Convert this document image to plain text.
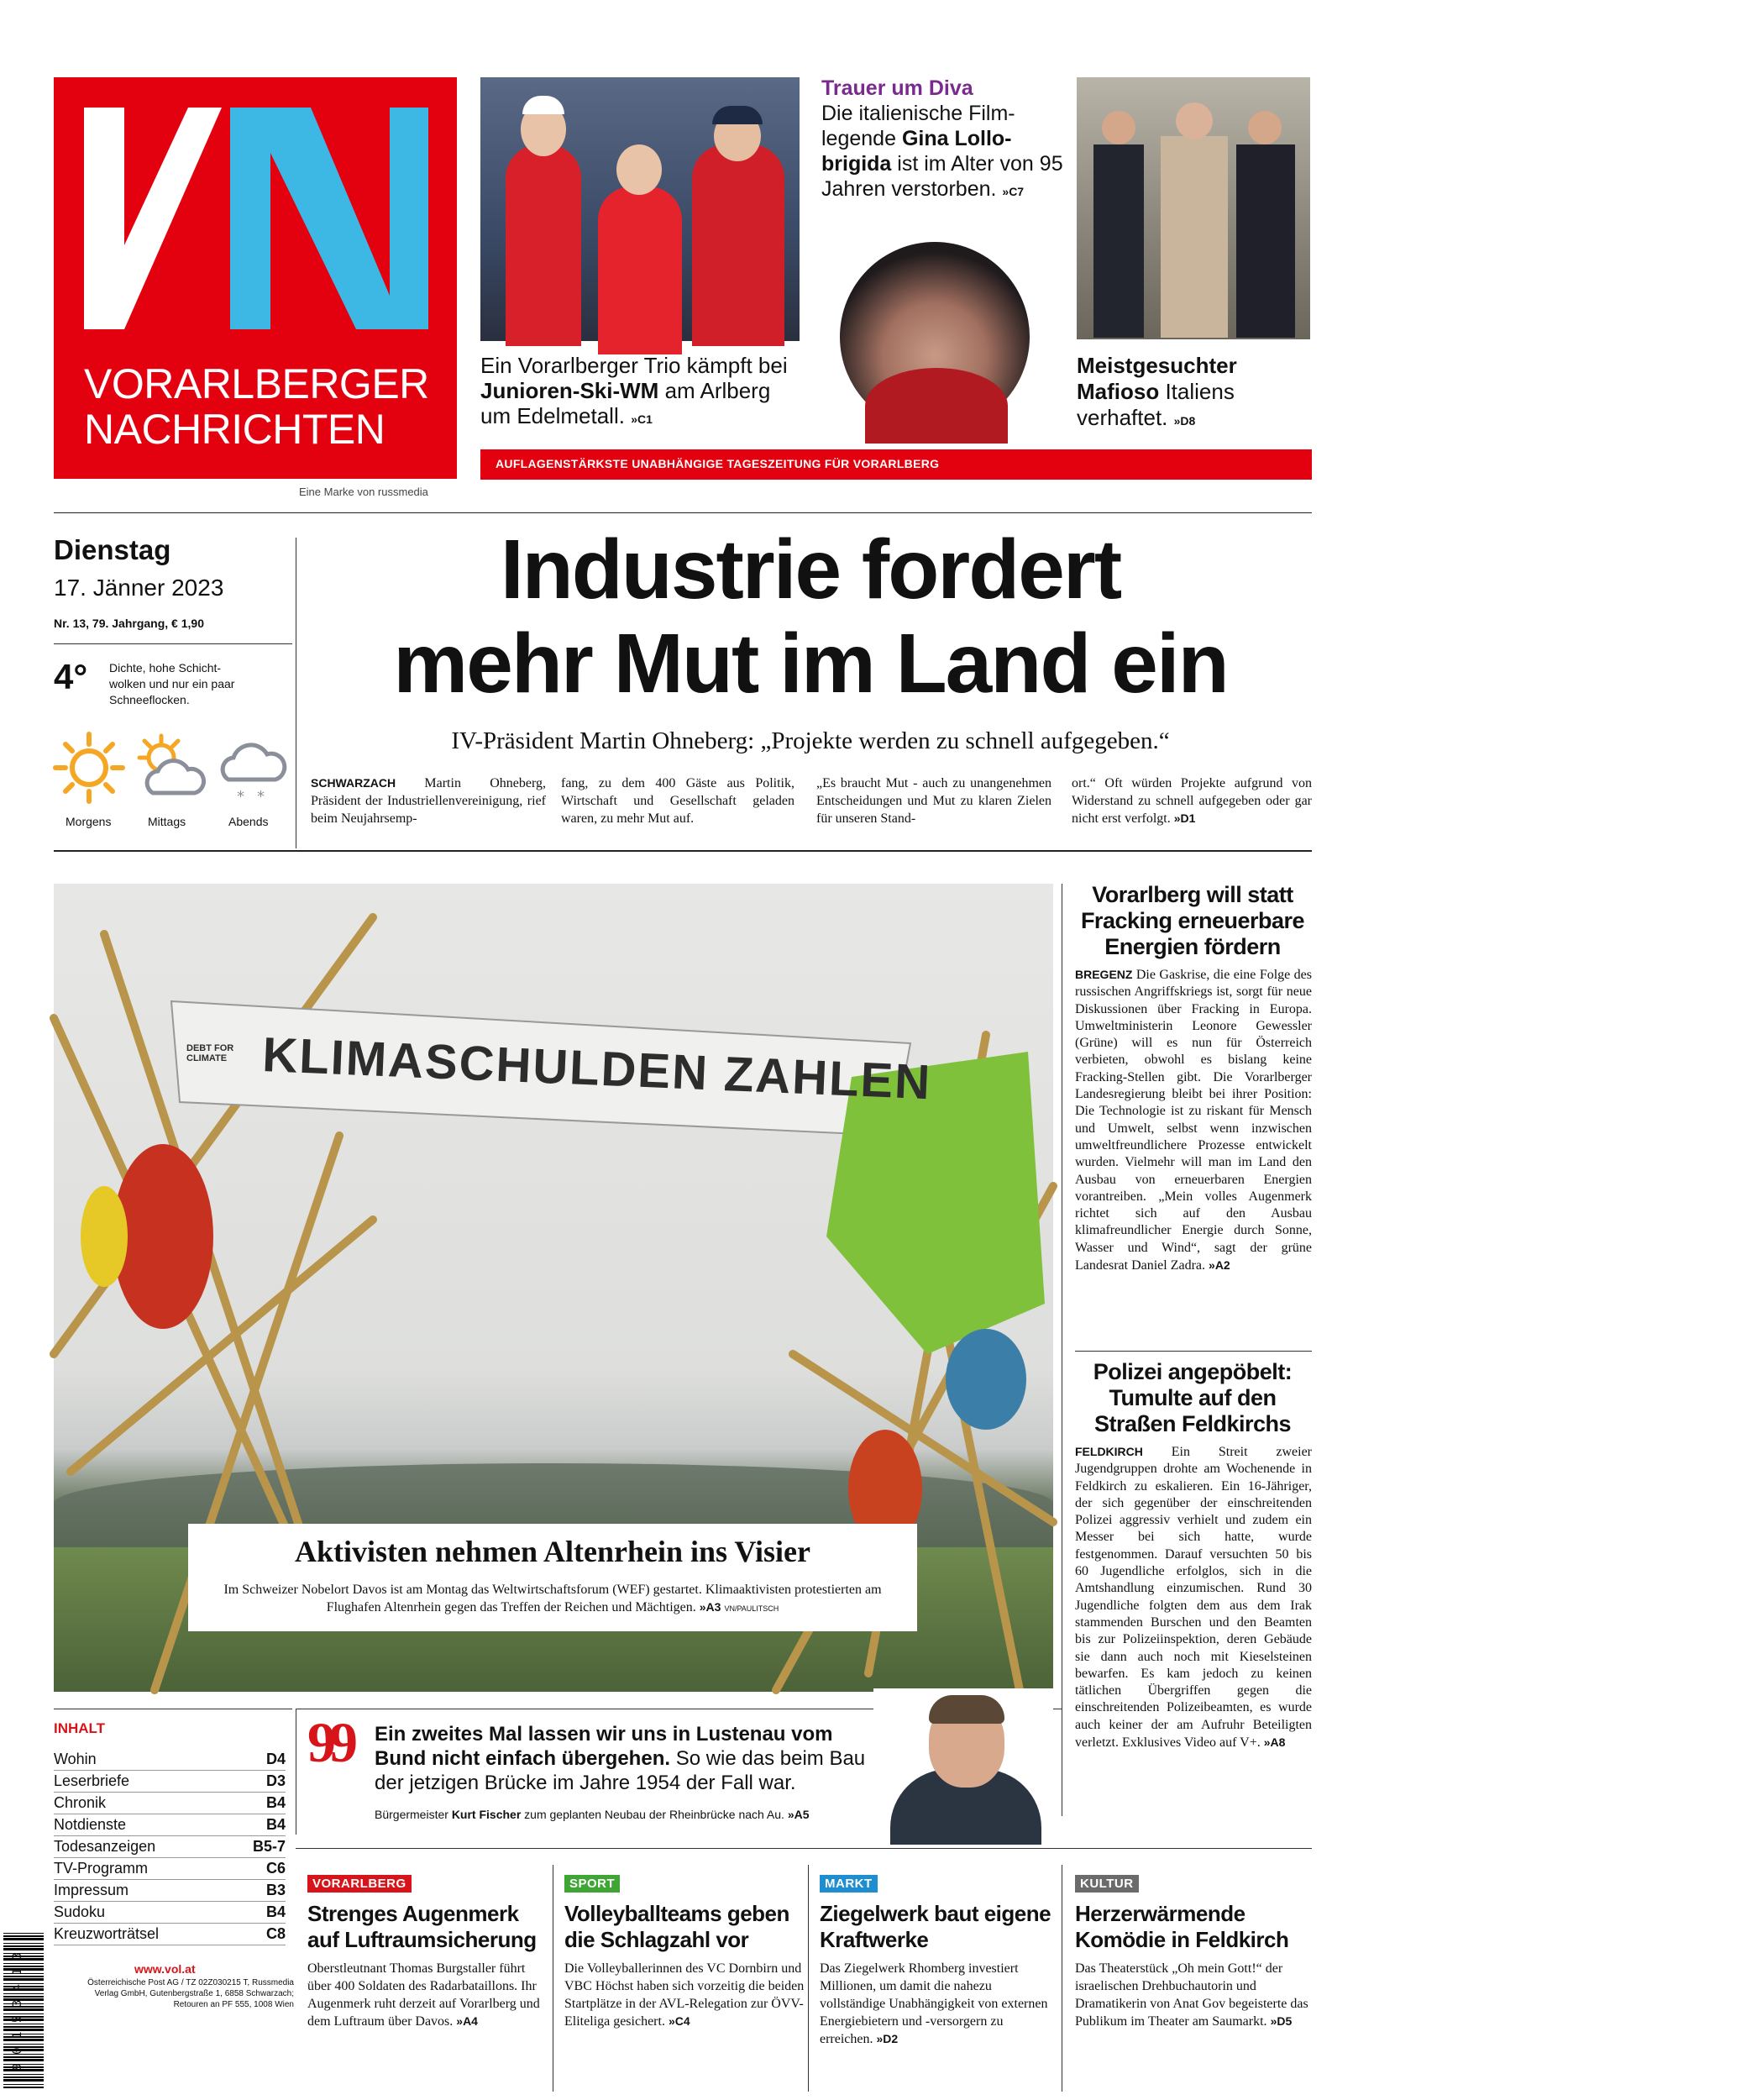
VORARLBERGER
NACHRICHTEN
Eine Marke von russmedia
Ein Vorarlberger Trio kämpft bei Junioren-Ski-WM am Arlberg um Edelmetall. »C1
Trauer um Diva
Die italienische Filmlegende Gina Lollobrigida ist im Alter von 95 Jahren verstorben. »C7
Meistgesuchter Mafioso Italiens verhaftet. »D8
AUFLAGENSTÄRKSTE UNABHÄNGIGE TAGESZEITUNG FÜR VORARLBERG	#vorarlberghältzusammen
Dienstag
17. Jänner 2023
Nr. 13, 79. Jahrgang, € 1,90
4° Dichte, hohe Schichtwolken und nur ein paar Schneeflocken.
* *
Morgens	Mittags	Abends
Industrie fordert
mehr Mut im Land ein
IV-Präsident Martin Ohneberg: „Projekte werden zu schnell aufgegeben.“
SCHWARZACH Martin Ohneberg, Präsident der Industriellenvereinigung, rief beim Neujahrsemp-
fang, zu dem 400 Gäste aus Politik, Wirtschaft und Gesellschaft geladen waren, zu mehr Mut auf.
„Es braucht Mut - auch zu unangenehmen Entscheidungen und Mut zu klaren Zielen für unseren Stand-
ort.“ Oft würden Projekte aufgrund von Widerstand zu schnell aufgegeben oder gar nicht erst verfolgt. »D1
KLIMASCHULDEN ZAHLEN
DEBT FOR CLIMATE
Aktivisten nehmen Altenrhein ins Visier
Im Schweizer Nobelort Davos ist am Montag das Weltwirtschaftsforum (WEF) gestartet. Klimaaktivisten protestierten am Flughafen Altenrhein gegen das Treffen der Reichen und Mächtigen. »A3 VN/PAULITSCH
Vorarlberg will statt Fracking erneuerbare Energien fördern
BREGENZ Die Gaskrise, die eine Folge des russischen Angriffskriegs ist, sorgt für neue Diskussionen über Fracking in Europa. Umweltministerin Leonore Gewessler (Grüne) will es nun für Österreich verbieten, obwohl es bislang keine Fracking-Stellen gibt. Die Vorarlberger Landesregierung bleibt bei ihrer Position: Die Technologie ist zu riskant für Mensch und Umwelt, selbst wenn inzwischen umweltfreundlichere Prozesse entwickelt wurden. Vielmehr will man im Land den Ausbau von erneuerbaren Energien vorantreiben. „Mein volles Augenmerk richtet sich auf den Ausbau klimafreundlicher Energie durch Sonne, Wasser und Wind“, sagt der grüne Landesrat Daniel Zadra. »A2
Polizei angepöbelt: Tumulte auf den Straßen Feldkirchs
FELDKIRCH Ein Streit zweier Jugendgruppen drohte am Wochenende in Feldkirch zu eskalieren. Ein 16-Jähriger, der sich gegenüber der einschreitenden Polizei aggressiv verhielt und zudem ein Messer bei sich hatte, wurde festgenommen. Darauf versuchten 50 bis 60 Jugendliche erfolglos, sich in die Amtshandlung einzumischen. Rund 30 Jugendliche folgten dem aus dem Irak stammenden Burschen und den Beamten bis zur Polizeiinspektion, deren Gebäude sie dann auch noch mit Kieselsteinen bewarfen. Es kam jedoch zu keinen tätlichen Übergriffen gegen die einschreitenden Polizeibeamten, es wurde auch keiner der am Aufruhr Beteiligten verletzt. Exklusives Video auf V+. »A8
INHALT
Wohin	D4
Leserbriefe	D3
Chronik	B4
Notdienste	B4
Todesanzeigen	B5-7
TV-Programm	C6
Impressum	B3
Sudoku	B4
Kreuzworträtsel	C8
99 Ein zweites Mal lassen wir uns in Lustenau vom Bund nicht einfach übergehen. So wie das beim Bau der jetzigen Brücke im Jahre 1954 der Fall war.
Bürgermeister Kurt Fischer zum geplanten Neubau der Rheinbrücke nach Au. »A5
www.vol.at
Österreichische Post AG / TZ 02Z030215 T, Russmedia Verlag GmbH, Gutenbergstraße 1, 6858 Schwarzach; Retouren an PF 555, 1008 Wien
9 0 1 5 3 4 1 3
VORARLBERG
Strenges Augenmerk auf Luftraumsicherung
Oberstleutnant Thomas Burgstaller führt über 400 Soldaten des Radarbataillons. Ihr Augenmerk ruht derzeit auf Vorarlberg und dem Luftraum über Davos. »A4
SPORT
Volleyballteams geben die Schlagzahl vor
Die Volleyballerinnen des VC Dornbirn und VBC Höchst haben sich vorzeitig die beiden Startplätze in der AVL-Relegation zur ÖVV-Eliteliga gesichert. »C4
MARKT
Ziegelwerk baut eigene Kraftwerke
Das Ziegelwerk Rhomberg investiert Millionen, um damit die nahezu vollständige Unabhängigkeit von externen Energiebietern und -versorgern zu erreichen. »D2
KULTUR
Herzerwärmende Komödie in Feldkirch
Das Theaterstück „Oh mein Gott!“ der israelischen Drehbuchautorin und Dramatikerin von Anat Gov begeisterte das Publikum im Theater am Saumarkt. »D5
